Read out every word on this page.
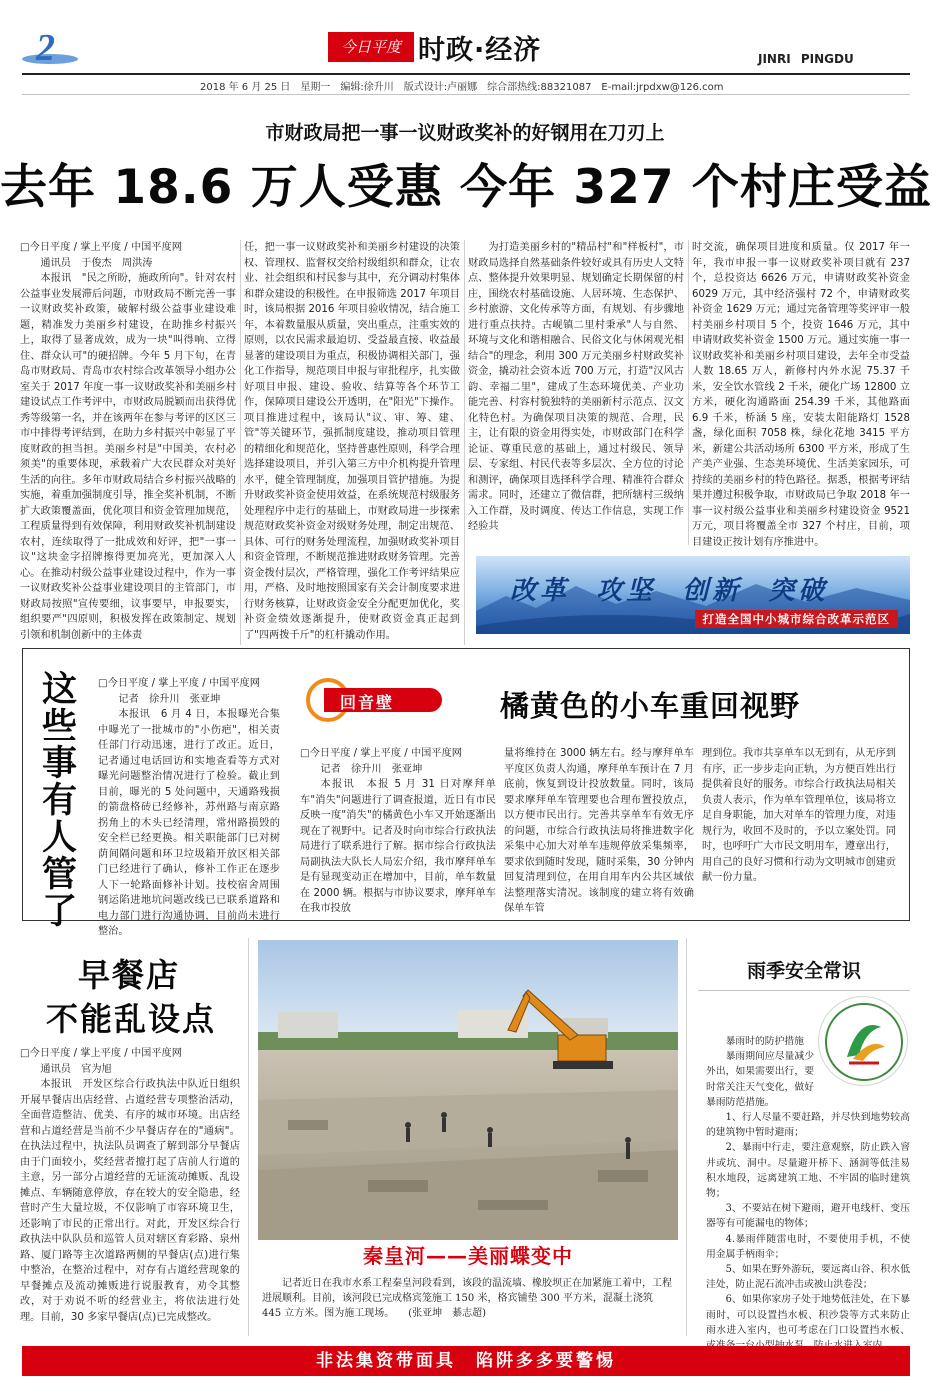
2	今日平度 时政·经济	JINRI PINGDU
2018 年 6 月 25 日　星期一　编辑:徐升川　版式设计:卢丽娜　综合部热线:88321087　E-mail:jrpdxw@126.com
市财政局把一事一议财政奖补的好钢用在刀刃上
去年 18.6 万人受惠 今年 327 个村庄受益
□今日平度 / 掌上平度 / 中国平度网
通讯员　于俊杰　周洪涛

本报讯　"民之所盼，施政所向"。针对农村公益事业发展滞后问题，市财政局不断完善一事一议财政奖补政策，破解村级公益事业建设难题，精准发力美丽乡村建设，在助推乡村振兴上，取得了显著成效，成为一块"叫得响、立得住、群众认可"的硬招牌。今年 5 月下旬，在青岛市财政局、青岛市农村综合改革领导小组办公室关于 2017 年度一事一议财政奖补和美丽乡村建设试点工作考评中，市财政局脱颖而出获得优秀等级第一名，并在该两年在参与考评的区区三市中排得考评结到，在助力乡村振兴中彰显了平度财政的担当担。美丽乡村是"中国美，农村必须美"的重要体现，承载着广大农民群众对美好生活的向往。多年市财政局结合乡村振兴战略的实施，着重加强制度引导，推全奖补机制，不断扩大政策覆盖面，优化项目和资金管理加规范，工程质量得到有效保障，利用财政奖补机制建设农村，连续取得了一批成效和好评，把"一事一议"这块金字招牌擦得更加亮光，更加深入人心。在推动村级公益事业建设过程中，作为一事一议财政奖补公益事业建设项目的主管部门，市财政局按照"宣传要细，议事要早，申报要实，组织要严"四原则，积极发挥在政策制定、规划引领和机制创新中的主体责

任，把一事一议财政奖补和美丽乡村建设的决策权、管理权、监督权交给村级组织和群众，让农业、社会组织和村民参与其中，充分调动村集体和群众建设的积极性。在申报筛选 2017 年项目时，该局根据 2016 年项目验收情况，结合施工年，本着数量服从质量，突出重点，注重实效的原则，以农民需求最迫切、受益最直接、收益最显著的建设项目为重点，积极协调相关部门，强化工作指导，规范项目申报与审批程序，扎实做好项目申报、建设、验收、结算等各个环节工作，保障项目建设公开透明，在"阳光"下操作。项目推进过程中，该局认"议、审、筹、建、管"等关键环节，强抓制度建设，推动项目管理的精细化和规范化，坚持普惠性原则，科学合理选择建设项目，并引入第三方中介机构提升管理水平，健全管理制度，加强项目管护措施。为提升财政奖补资金使用效益，在系统规范村级服务处理程序中走行的基础上，市财政局进一步探索规范财政奖补资金对级财务处理，制定出规范、具体、可行的财务处理流程，加强财政奖补项目和资金管理，不断规范推进财政财务管理。完善资金拨付层次，严格管理，强化工作考评结果应用，严格、及时地按照国家有关会计制度要求进行财务核算，让财政资金安全分配更加优化，奖补资金绩效逐渐提升，使财政资金真正起到了"四两拨千斤"的杠杆撬动作用。

为打造美丽乡村的"精品村"和"样板村"，市财政局选择自然基础条件较好或具有历史人文特点、整体提升效果明显、规划确定长期保留的村庄，围绕农村基础设施、人居环境、生态保护、乡村旅游、文化传承等方面，有规划、有步骤地进行重点扶持。古岘镇二里村秉承"人与自然、环境与文化和谐相融合、民俗文化与休闲观光相结合"的理念，利用 300 万元美丽乡村财政奖补资金，撬动社会资本近 700 万元，打造"汉风古韵、幸福二里"，建成了生态环境优美、产业功能完善、村容村貌独特的美丽新村示范点、汉文化特色村。为确保项目决策的规范、合理，民主，让有限的资金用得实处，市财政部门在科学论证、尊重民意的基础上，通过村级民、领导层、专家组、村民代表等多层次、全方位的讨论和测评，确保项目选择科学合理、精准符合群众需求。同时，还建立了微信群，把所辖村三级纳入工作群，及时调度、传达工作信息，实现工作经验共

时交流，确保项目进度和质量。仅 2017 年一年，我市申报一事一议财政奖补项目就有 237 个，总投资达 6626 万元，申请财政奖补资金 6029 万元，其中经济强村 72 个，申请财政奖补资金 1629 万元；通过完备管理等奖评审一般村美丽乡村项目 5 个，投资 1646 万元，其中申请财政奖补资金 1500 万元。通过实施一事一议财政奖补和美丽乡村项目建设，去年全市受益人数 18.65 万人，新修村内外水泥 75.37 千米，安全饮水管线 2 千米，硬化广场 12800 立方米，硬化沟通路面 254.39 千米，其他路面 6.9 千米，桥涵 5 座，安装太阳能路灯 1528 盏，绿化面积 7058 株，绿化花地 3415 平方米，新建公共活动场所 6300 平方米，形成了生产美产业强、生态美环境优、生活美家园乐，可持续的美丽乡村的特色路径。据悉，根据考评结果并遵过积极争取，市财政局已争取 2018 年一事一议村级公益事业和美丽乡村建设资金 9521 万元，项目将覆盖全市 327 个村庄，目前，项目建设正按计划有序推进中。

改革  攻坚  创新  突破
打造全国中小城市综合改革示范区
这些事有人管了
□今日平度 / 掌上平度 / 中国平度网
记者　徐升川　张亚坤

本报讯　6 月 4 日，本报曝光合集中曝光了一批城市的"小伤疤"，相关责任部门行动迅速，进行了改正。近日，记者通过电话回访和实地查看等方式对曝光问题整治情况进行了检验。截止到目前，曝光的 5 处问题中，天通路残损的箭盘格砖已经修补，苏州路与南京路拐角上的木头已经清理，常州路损毁的安全栏已经更换。相关职能部门已对树荫间隔问题和环卫垃圾箱开放区相关部门已经进行了确认，修补工作正在逐步人下一轮路面修补计划。技校宿舍周围钢运陷进地坑问题改线已已联系道路和电力部门进行沟通协调，目前尚未进行整治。

回音壁	橘黄色的小车重回视野
□今日平度 / 掌上平度 / 中国平度网
记者　徐升川　张亚坤

本报讯　本报 5 月 31 日对摩拜单车"消失"问题进行了调查报道，近日有市民反映一度"消失"的橘黄色小车又开始逐渐出现在了视野中。记者及时向市综合行政执法局进行了联系进行了解。据市综合行政执法局副执法大队长人局宏介绍，我市摩拜单车是有显现变动正在增加中，目前，单车数量在 2000 辆。根据与市协议要求，摩拜单车在我市投放

量将维持在 3000 辆左右。经与摩拜单车平度区负责人沟通，摩拜单车预计在 7 月底前，恢复到设计投放数量。同时，该局要求摩拜单车管理要也合理布置投放点，以方便市民出行。完善共享单车有效无序的问题，市综合行政执法局将推进数字化采集中心加大对单车违规停放采集频率，要求依到随时发现，随时采集，30 分钟内回复清理到位，在用自用车内公共区域依法整理落实清况。该制度的建立将有效确保单车管

理到位。我市共享单车以无到有，从无序到有序，正一步步走向正轨，为方便百姓出行提供着良好的服务。市综合行政执法局相关负责人表示，作为单车管理单位，该局将立足自身职能，加大对单车的管理力度，对违规行为，收回不及时的，予以立案处罚。同时，也呼吁广大市民文明用车，遵章出行，用自己的良好习惯和行动为文明城市创建贡献一份力量。

早餐店
不能乱设点
□今日平度 / 掌上平度 / 中国平度网
通讯员　官为旭

本报讯　开发区综合行政执法中队近日组织开展早餐店出店经营、占道经营专项整治活动，全面营造整洁、优美、有序的城市环境。出店经营和占道经营是当前不少早餐店存在的"通病"。在执法过程中，执法队员调查了解到部分早餐店由于门面较小，奖经营者擅打起了店前人行道的主意，另一部分占道经营的无证流动摊贩、乱设摊点、车辆随意停放，存在较大的安全隐患，经营时产生大量垃圾，不仅影响了市容环境卫生，还影响了市民的正常出行。对此，开发区综合行政执法中队队员和巡管人员对辖区育彩路、泉州路、厦门路等主次道路两侧的早餐店(点)进行集中整治，在整治过程中，对存有占道经营现象的早餐摊点及流动摊贩进行说服教育，劝令其整改，对于劝说不听的经营业主，将依法进行处理。目前，30 多家早餐店(点)已完成整改。

秦皇河——美丽蝶变中
记者近日在我市水系工程秦皇河段看到，该段的温流墙、橡胶坝正在加紧施工着中，工程进展顺利。目前，该河段已完成格宾笼施工 150 米，格宾铺垫 300 平方米，混凝土浇筑 445 立方米。图为施工现场。 (张亚坤　綦志超)
雨季安全常识
暴雨时的防护措施
暴雨期间应尽量减少外出，如果需要出行，要时常关注天气变化，做好暴雨防范措施。
1、行人尽量不要赶路，并尽快到地势较高的建筑物中暂时避雨；
2、暴雨中行走，要注意观察，防止跌入窨井或坑、洞中。尽量避开桥下、涵洞等低洼易积水地段，远离建筑工地、不牢固的临时建筑物；
3、不要站在树下避雨，避开电线杆、变压器等有可能漏电的物体；
4.暴雨伴随雷电时，不要使用手机，不使用金属手柄雨伞；
5、如果在野外游玩，要远离山谷、积水低洼处，防止泥石流冲击或被山洪卷没；
6、如果你家房子处于地势低洼处，在下暴雨时，可以设置挡水板、积沙袋等方式来防止雨水进入室内，也可考虑在门口设置挡水板、
非法集资带面具　陷阱多多要警惕
